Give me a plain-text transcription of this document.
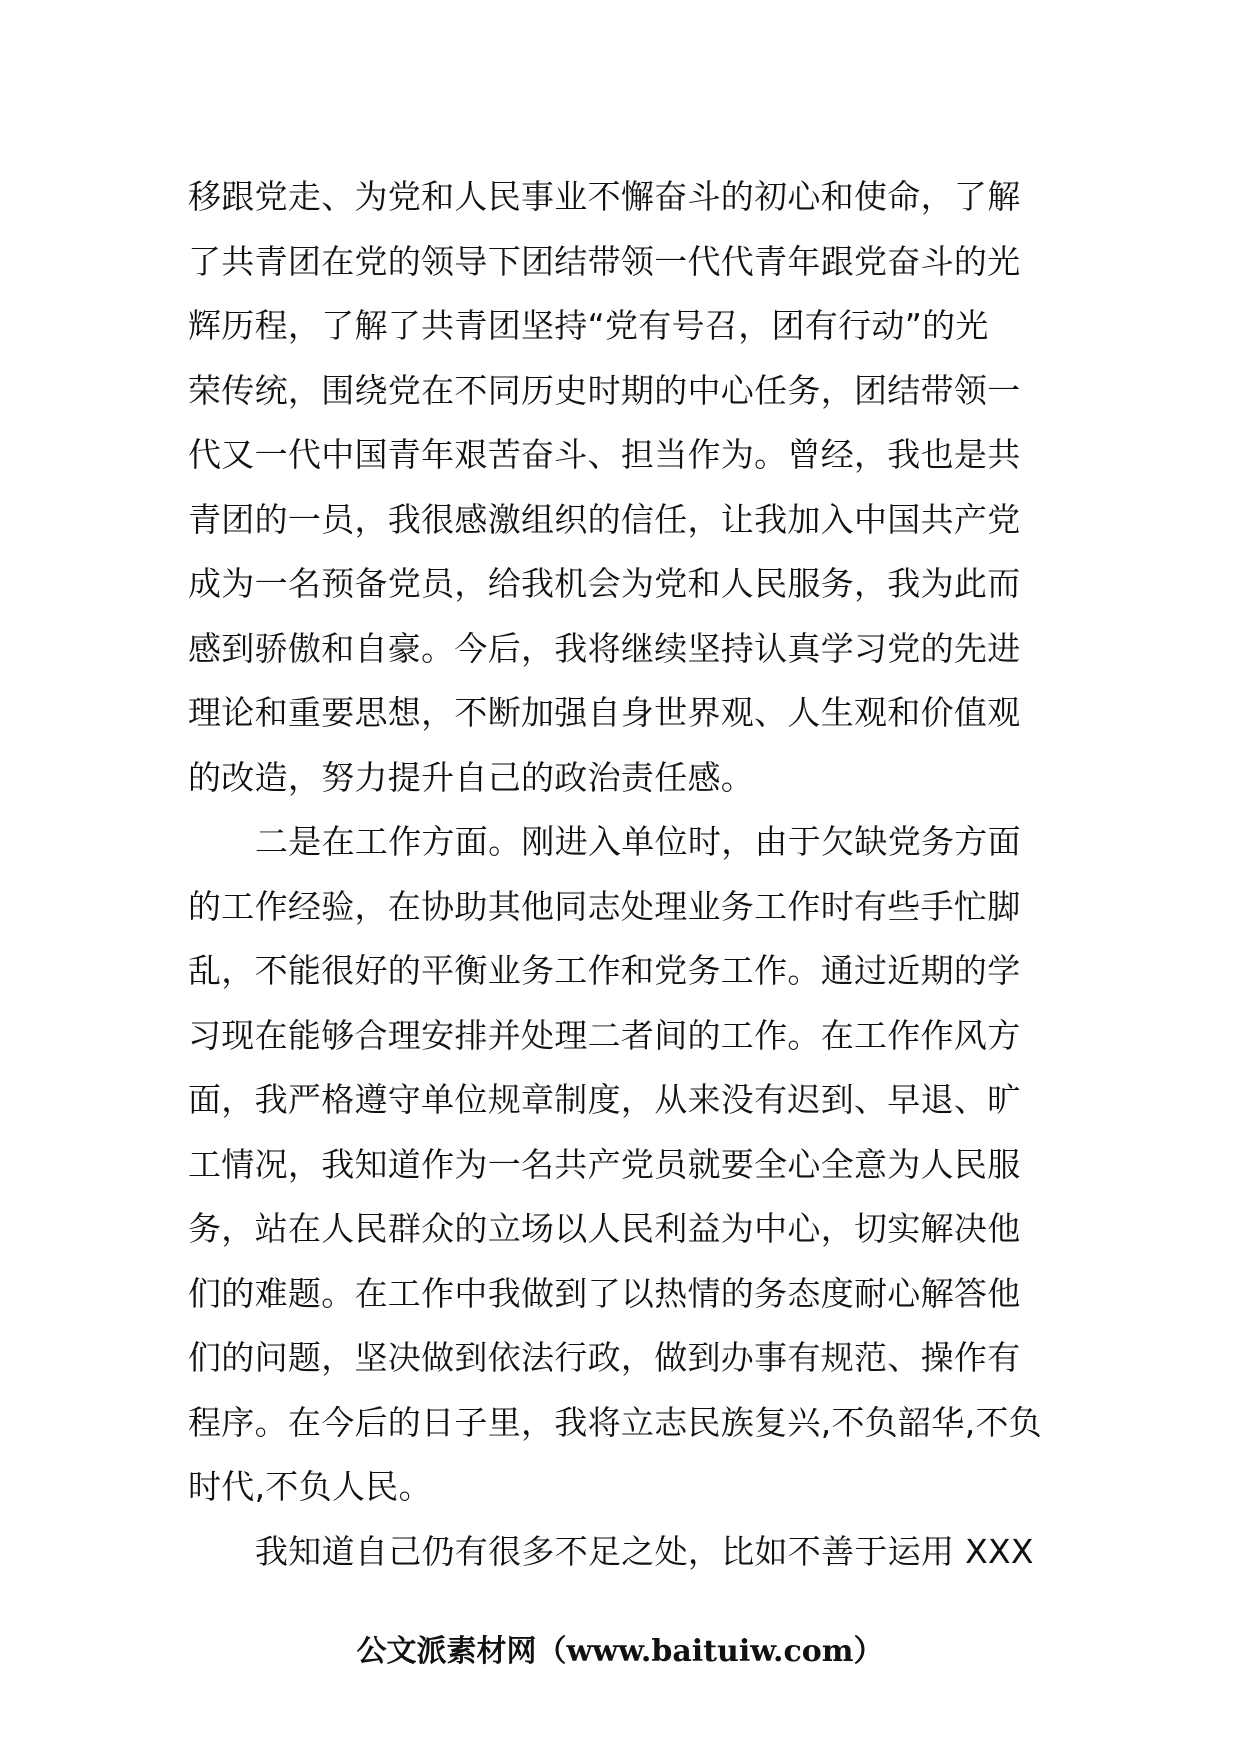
移跟党走、为党和人民事业不懈奋斗的初心和使命，了解
了共青团在党的领导下团结带领一代代青年跟党奋斗的光
辉历程，了解了共青团坚持“党有号召，团有行动”的光
荣传统，围绕党在不同历史时期的中心任务，团结带领一
代又一代中国青年艰苦奋斗、担当作为。曾经，我也是共
青团的一员，我很感激组织的信任，让我加入中国共产党
成为一名预备党员，给我机会为党和人民服务，我为此而
感到骄傲和自豪。今后，我将继续坚持认真学习党的先进
理论和重要思想，不断加强自身世界观、人生观和价值观
的改造，努力提升自己的政治责任感。
二是在工作方面。刚进入单位时，由于欠缺党务方面
的工作经验，在协助其他同志处理业务工作时有些手忙脚
乱，不能很好的平衡业务工作和党务工作。通过近期的学
习现在能够合理安排并处理二者间的工作。在工作作风方
面，我严格遵守单位规章制度，从来没有迟到、早退、旷
工情况，我知道作为一名共产党员就要全心全意为人民服
务，站在人民群众的立场以人民利益为中心，切实解决他
们的难题。在工作中我做到了以热情的务态度耐心解答他
们的问题，坚决做到依法行政，做到办事有规范、操作有
程序。在今后的日子里，我将立志民族复兴,不负韶华,不负
时代,不负人民。
我知道自己仍有很多不足之处，比如不善于运用 XXX
公文派素材网（www.baituiw.com）
